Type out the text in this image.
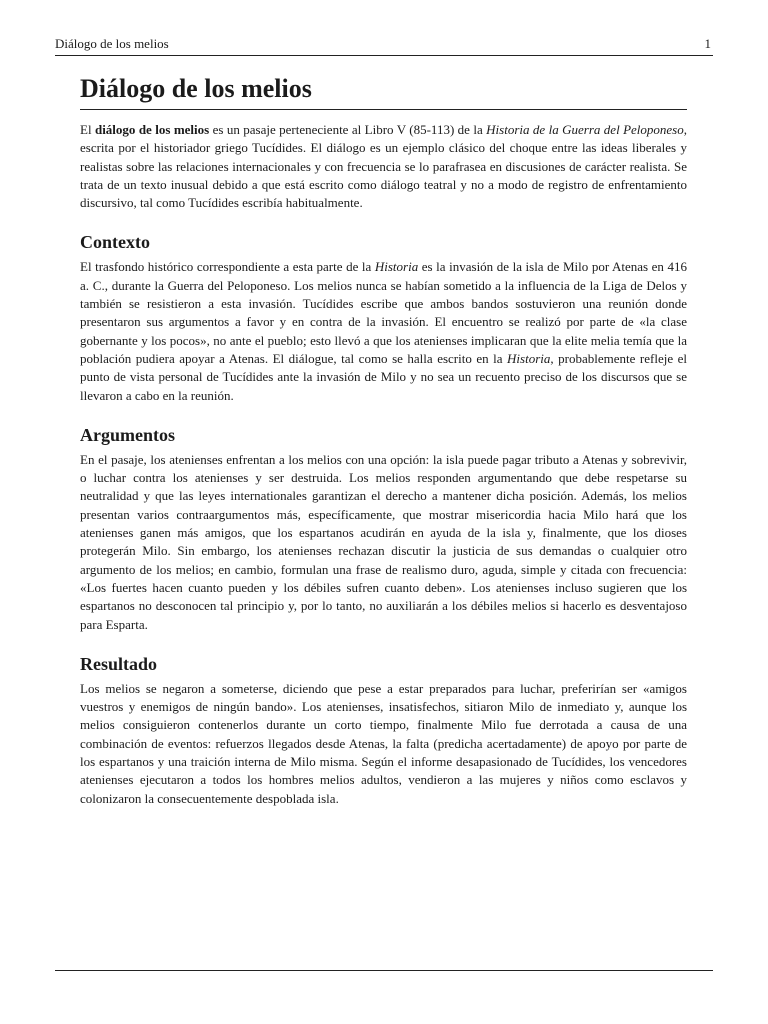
Diálogo de los melios	1
Diálogo de los melios

El diálogo de los melios es un pasaje perteneciente al Libro V (85-113) de la Historia de la Guerra del Peloponeso, escrita por el historiador griego Tucídides. El diálogo es un ejemplo clásico del choque entre las ideas liberales y realistas sobre las relaciones internacionales y con frecuencia se lo parafrasea en discusiones de carácter realista. Se trata de un texto inusual debido a que está escrito como diálogo teatral y no a modo de registro de enfrentamiento discursivo, tal como Tucídides escribía habitualmente.

Contexto

El trasfondo histórico correspondiente a esta parte de la Historia es la invasión de la isla de Milo por Atenas en 416 a. C., durante la Guerra del Peloponeso. Los melios nunca se habían sometido a la influencia de la Liga de Delos y también se resistieron a esta invasión. Tucídides escribe que ambos bandos sostuvieron una reunión donde presentaron sus argumentos a favor y en contra de la invasión. El encuentro se realizó por parte de «la clase gobernante y los pocos», no ante el pueblo; esto llevó a que los atenienses implicaran que la elite melia temía que la población pudiera apoyar a Atenas. El diálogue, tal como se halla escrito en la Historia, probablemente refleje el punto de vista personal de Tucídides ante la invasión de Milo y no sea un recuento preciso de los discursos que se llevaron a cabo en la reunión.

Argumentos

En el pasaje, los atenienses enfrentan a los melios con una opción: la isla puede pagar tributo a Atenas y sobrevivir, o luchar contra los atenienses y ser destruida. Los melios responden argumentando que debe respetarse su neutralidad y que las leyes internationales garantizan el derecho a mantener dicha posición. Además, los melios presentan varios contraargumentos más, específicamente, que mostrar misericordia hacia Milo hará que los atenienses ganen más amigos, que los espartanos acudirán en ayuda de la isla y, finalmente, que los dioses protegerán Milo. Sin embargo, los atenienses rechazan discutir la justicia de sus demandas o cualquier otro argumento de los melios; en cambio, formulan una frase de realismo duro, aguda, simple y citada con frecuencia: «Los fuertes hacen cuanto pueden y los débiles sufren cuanto deben». Los atenienses incluso sugieren que los espartanos no desconocen tal principio y, por lo tanto, no auxiliarán a los débiles melios si hacerlo es desventajoso para Esparta.

Resultado

Los melios se negaron a someterse, diciendo que pese a estar preparados para luchar, preferirían ser «amigos vuestros y enemigos de ningún bando». Los atenienses, insatisfechos, sitiaron Milo de inmediato y, aunque los melios consiguieron contenerlos durante un corto tiempo, finalmente Milo fue derrotada a causa de una combinación de eventos: refuerzos llegados desde Atenas, la falta (predicha acertadamente) de apoyo por parte de los espartanos y una traición interna de Milo misma. Según el informe desapasionado de Tucídides, los vencedores atenienses ejecutaron a todos los hombres melios adultos, vendieron a las mujeres y niños como esclavos y colonizaron la consecuentemente despoblada isla.
